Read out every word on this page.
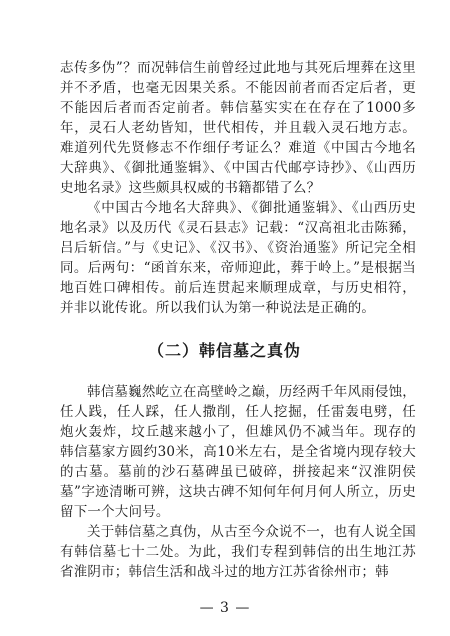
志传多伪”？而况韩信生前曾经过此地与其死后埋葬在这里并不矛盾，也毫无因果关系。不能因前者而否定后者，更不能因后者而否定前者。韩信墓实实在在存在了1000多年，灵石人老幼皆知，世代相传，并且载入灵石地方志。难道列代先贤修志不作细仔考证么？难道《中国古今地名大辞典》、《御批通鉴辑》、《中国古代邮亭诗抄》、《山西历史地名录》这些颇具权威的书籍都错了么？

《中国古今地名大辞典》、《御批通鉴辑》、《山西历史地名录》以及历代《灵石县志》记载：“汉高祖北击陈豨，吕后斩信。”与《史记》、《汉书》、《资治通鉴》所记完全相同。后两句：“函首东来，帝师迎此，葬于岭上。”是根据当地百姓口碑相传。前后连贯起来顺理成章，与历史相符，并非以讹传讹。所以我们认为第一种说法是正确的。

（二）韩信墓之真伪

韩信墓巍然屹立在高壁岭之巅，历经两千年风雨侵蚀，任人践，任人踩，任人撒削，任人挖掘，任雷轰电劈，任炮火轰炸，坟丘越来越小了，但雄风仍不减当年。现存的韩信墓家方圆约30米，高10米左右，是全省境内现存较大的古墓。墓前的沙石墓碑虽已破碎，拼接起来“汉淮阴侯墓”字迹清晰可辨，这块古碑不知何年何月何人所立，历史留下一个大问号。

关于韩信墓之真伪，从古至今众说不一，也有人说全国有韩信墓七十二处。为此，我们专程到韩信的出生地江苏省淮阴市；韩信生活和战斗过的地方江苏省徐州市；韩

— 3 —
